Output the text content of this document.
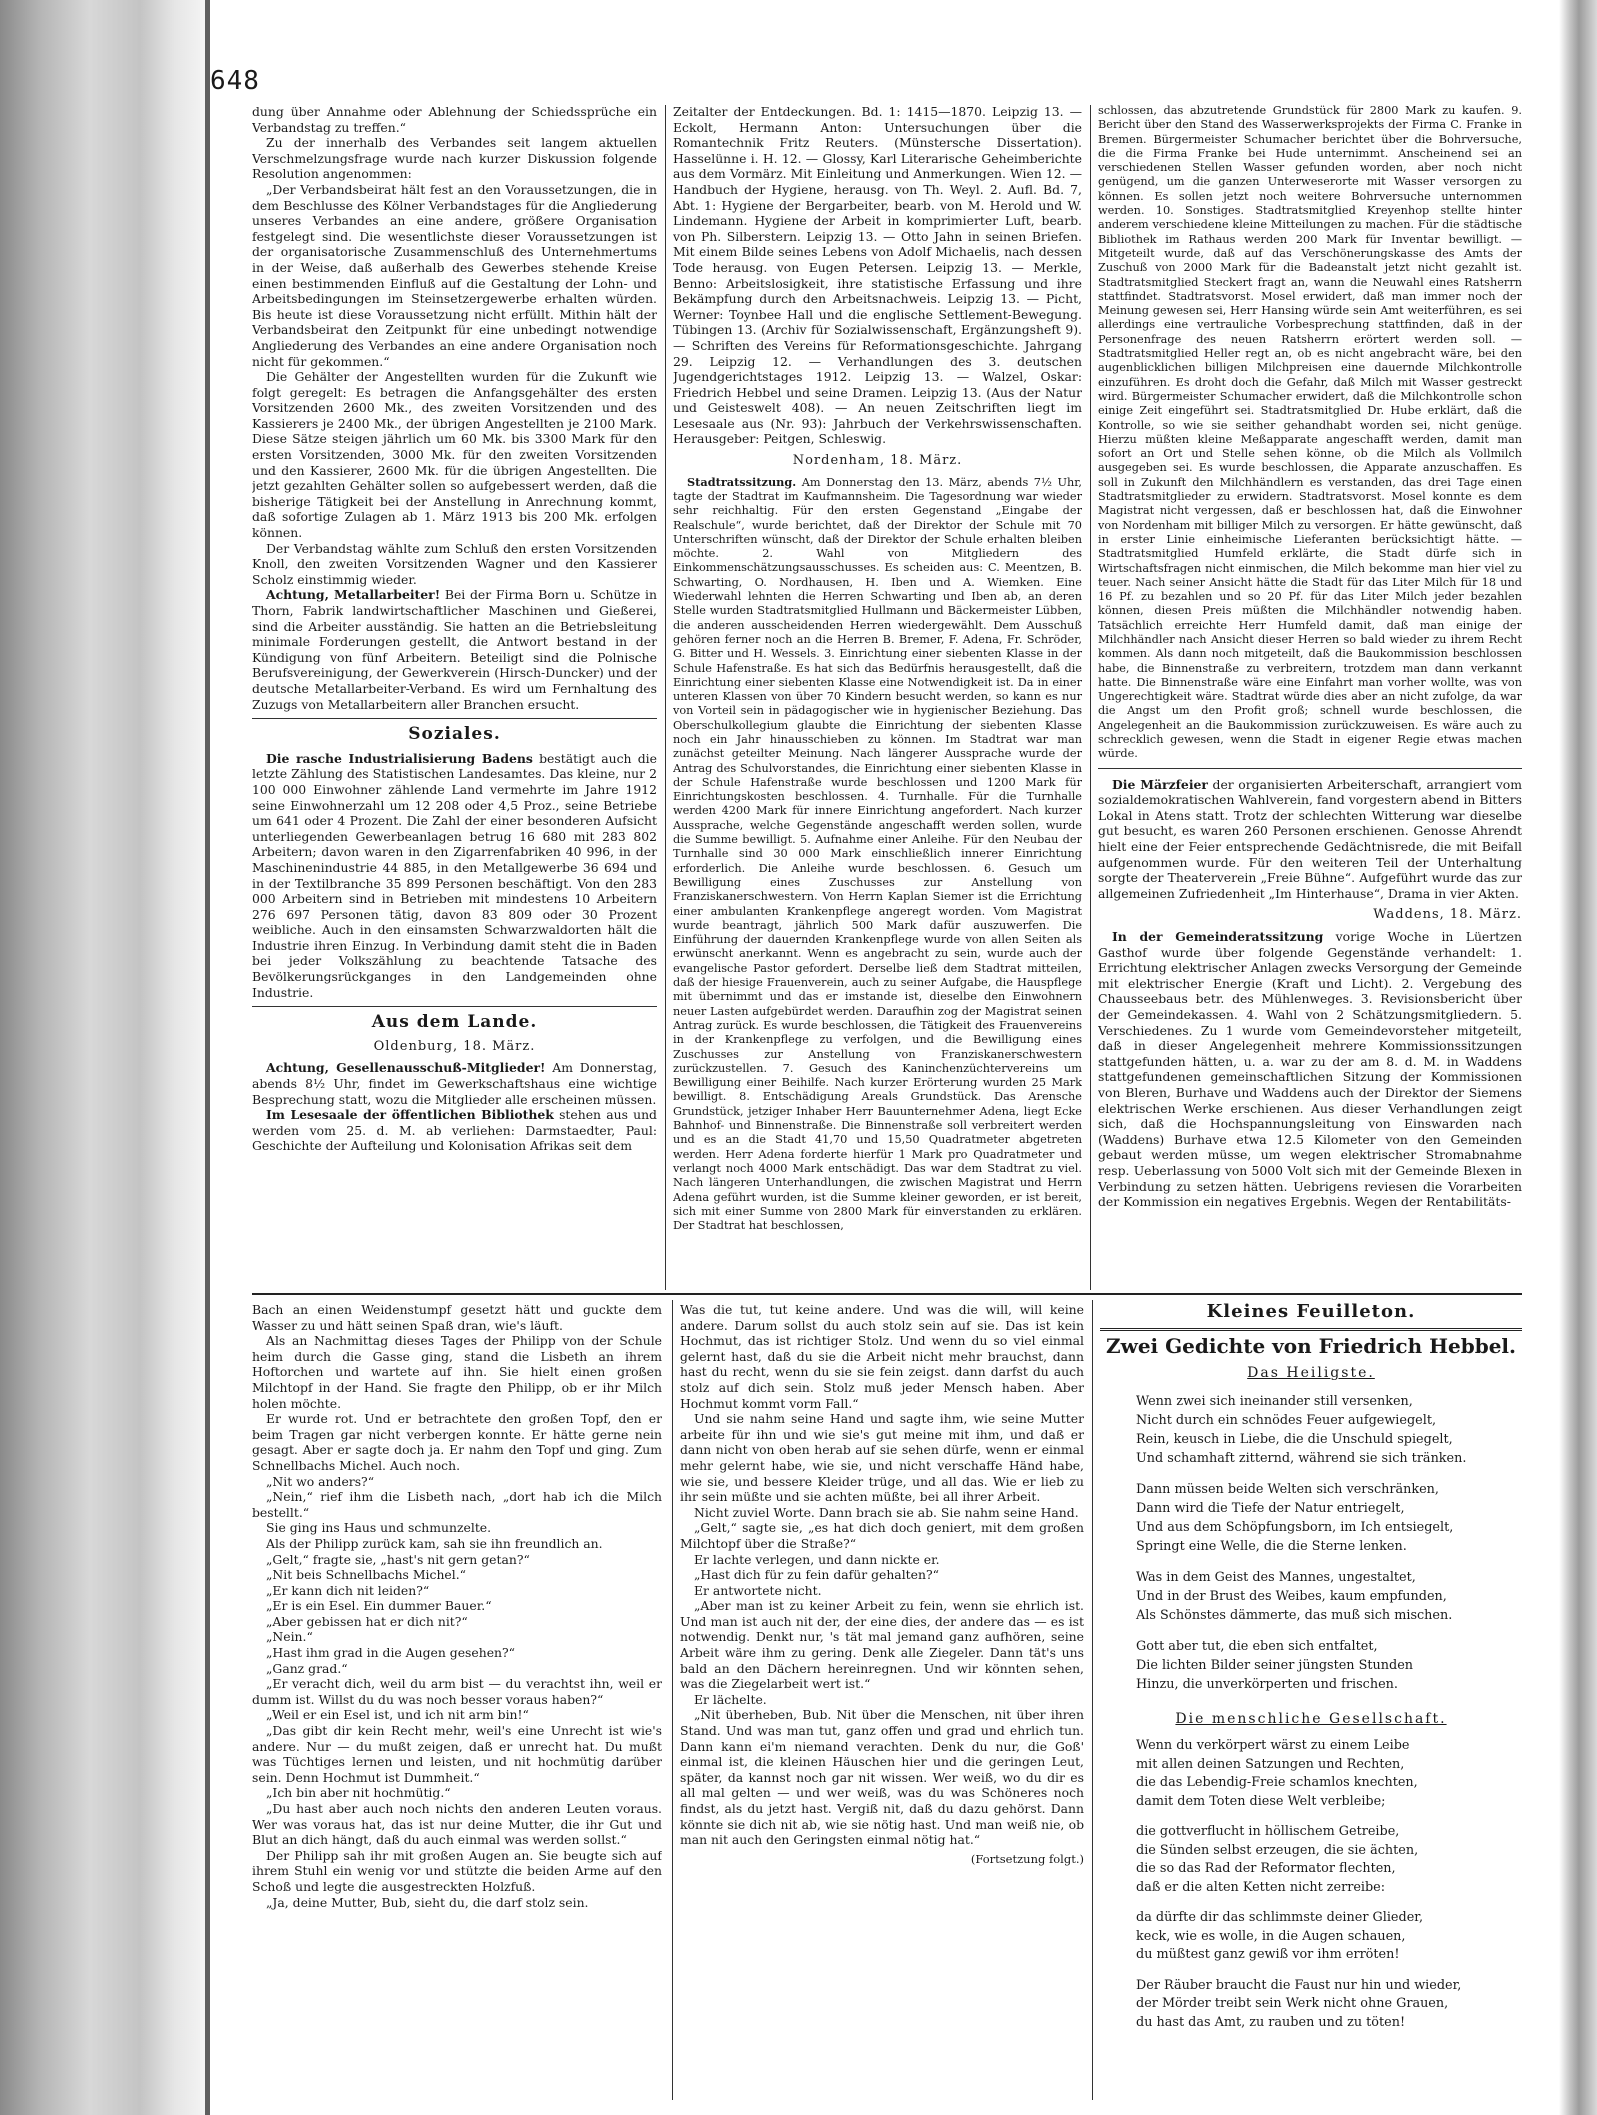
648

dung über Annahme oder Ablehnung der Schiedssprüche ein Verbandstag zu treffen.“

Zu der innerhalb des Verbandes seit langem aktuellen Verschmelzungsfrage wurde nach kurzer Diskussion folgende Resolution angenommen:

„Der Verbandsbeirat hält fest an den Voraussetzungen, die in dem Beschlusse des Kölner Verbandstages für die Angliederung unseres Verbandes an eine andere, größere Organisation festgelegt sind. Die wesentlichste dieser Voraussetzungen ist der organisatorische Zusammenschluß des Unternehmertums in der Weise, daß außerhalb des Gewerbes stehende Kreise einen bestimmenden Einfluß auf die Gestaltung der Lohn- und Arbeitsbedingungen im Steinsetzergewerbe erhalten würden. Bis heute ist diese Voraussetzung nicht erfüllt. Mithin hält der Verbandsbeirat den Zeitpunkt für eine unbedingt notwendige Angliederung des Verbandes an eine andere Organisation noch nicht für gekommen.“

Die Gehälter der Angestellten wurden für die Zukunft wie folgt geregelt: Es betragen die Anfangsgehälter des ersten Vorsitzenden 2600 Mk., des zweiten Vorsitzenden und des Kassierers je 2400 Mk., der übrigen Angestellten je 2100 Mark. Diese Sätze steigen jährlich um 60 Mk. bis 3300 Mark für den ersten Vorsitzenden, 3000 Mk. für den zweiten Vorsitzenden und den Kassierer, 2600 Mk. für die übrigen Angestellten. Die jetzt gezahlten Gehälter sollen so aufgebessert werden, daß die bisherige Tätigkeit bei der Anstellung in Anrechnung kommt, daß sofortige Zulagen ab 1. März 1913 bis 200 Mk. erfolgen können.

Der Verbandstag wählte zum Schluß den ersten Vorsitzenden Knoll, den zweiten Vorsitzenden Wagner und den Kassierer Scholz einstimmig wieder.

Achtung, Metallarbeiter! Bei der Firma Born u. Schütze in Thorn, Fabrik landwirtschaftlicher Maschinen und Gießerei, sind die Arbeiter ausständig. Sie hatten an die Betriebsleitung minimale Forderungen gestellt, die Antwort bestand in der Kündigung von fünf Arbeitern. Beteiligt sind die Polnische Berufsvereinigung, der Gewerkverein (Hirsch-Duncker) und der deutsche Metallarbeiter-Verband. Es wird um Fernhaltung des Zuzugs von Metallarbeitern aller Branchen ersucht.

Soziales.

Die rasche Industrialisierung Badens bestätigt auch die letzte Zählung des Statistischen Landesamtes. Das kleine, nur 2 100 000 Einwohner zählende Land vermehrte im Jahre 1912 seine Einwohnerzahl um 12 208 oder 4,5 Proz., seine Betriebe um 641 oder 4 Prozent. Die Zahl der einer besonderen Aufsicht unterliegenden Gewerbeanlagen betrug 16 680 mit 283 802 Arbeitern; davon waren in den Zigarrenfabriken 40 996, in der Maschinenindustrie 44 885, in den Metallgewerbe 36 694 und in der Textilbranche 35 899 Personen beschäftigt. Von den 283 000 Arbeitern sind in Betrieben mit mindestens 10 Arbeitern 276 697 Personen tätig, davon 83 809 oder 30 Prozent weibliche. Auch in den einsamsten Schwarzwaldorten hält die Industrie ihren Einzug. In Verbindung damit steht die in Baden bei jeder Volkszählung zu beachtende Tatsache des Bevölkerungsrückganges in den Landgemeinden ohne Industrie.

Aus dem Lande.
Oldenburg, 18. März.

Achtung, Gesellenausschuß-Mitglieder! Am Donnerstag, abends 8½ Uhr, findet im Gewerkschaftshaus eine wichtige Besprechung statt, wozu die Mitglieder alle erscheinen müssen.

Im Lesesaale der öffentlichen Bibliothek stehen aus und werden vom 25. d. M. ab verliehen: Darmstaedter, Paul: Geschichte der Aufteilung und Kolonisation Afrikas seit dem

Zeitalter der Entdeckungen. Bd. 1: 1415—1870. Leipzig 13. —Eckolt, Hermann Anton: Untersuchungen über die Romantechnik Fritz Reuters. (Münstersche Dissertation). Hasselünne i. H. 12. — Glossy, Karl Literarische Geheimberichte aus dem Vormärz. Mit Einleitung und Anmerkungen. Wien 12. — Handbuch der Hygiene, herausg. von Th. Weyl. 2. Aufl. Bd. 7, Abt. 1: Hygiene der Bergarbeiter, bearb. von M. Herold und W. Lindemann. Hygiene der Arbeit in komprimierter Luft, bearb. von Ph. Silberstern. Leipzig 13. — Otto Jahn in seinen Briefen. Mit einem Bilde seines Lebens von Adolf Michaelis, nach dessen Tode herausg. von Eugen Petersen. Leipzig 13. — Merkle, Benno: Arbeitslosigkeit, ihre statistische Erfassung und ihre Bekämpfung durch den Arbeitsnachweis. Leipzig 13. — Picht, Werner: Toynbee Hall und die englische Settlement-Bewegung. Tübingen 13. (Archiv für Sozialwissenschaft, Ergänzungsheft 9). — Schriften des Vereins für Reformationsgeschichte. Jahrgang 29. Leipzig 12. — Verhandlungen des 3. deutschen Jugendgerichtstages 1912. Leipzig 13. — Walzel, Oskar: Friedrich Hebbel und seine Dramen. Leipzig 13. (Aus der Natur und Geisteswelt 408). — An neuen Zeitschriften liegt im Lesesaale aus (Nr. 93): Jahrbuch der Verkehrswissenschaften. Herausgeber: Peitgen, Schleswig.

Nordenham, 18. März.

Stadtratssitzung. Am Donnerstag den 13. März, abends 7½ Uhr, tagte der Stadtrat im Kaufmannsheim. Die Tagesordnung war wieder sehr reichhaltig. Für den ersten Gegenstand „Eingabe der Realschule“, wurde berichtet, daß der Direktor der Schule mit 70 Unterschriften wünscht, daß der Direktor der Schule erhalten bleiben möchte. 2. Wahl von Mitgliedern des Einkommenschätzungsausschusses. Es scheiden aus: C. Meentzen, B. Schwarting, O. Nordhausen, H. Iben und A. Wiemken. Eine Wiederwahl lehnten die Herren Schwarting und Iben ab, an deren Stelle wurden Stadtratsmitglied Hullmann und Bäckermeister Lübben, die anderen ausscheidenden Herren wiedergewählt. Dem Ausschuß gehören ferner noch an die Herren B. Bremer, F. Adena, Fr. Schröder, G. Bitter und H. Wessels. 3. Einrichtung einer siebenten Klasse in der Schule Hafenstraße. Es hat sich das Bedürfnis herausgestellt, daß die Einrichtung einer siebenten Klasse eine Notwendigkeit ist. Da in einer unteren Klassen von über 70 Kindern besucht werden, so kann es nur von Vorteil sein in pädagogischer wie in hygienischer Beziehung. Das Oberschulkollegium glaubte die Einrichtung der siebenten Klasse noch ein Jahr hinausschieben zu können. Im Stadtrat war man zunächst geteilter Meinung. Nach längerer Aussprache wurde der Antrag des Schulvorstandes, die Einrichtung einer siebenten Klasse in der Schule Hafenstraße wurde beschlossen und 1200 Mark für Einrichtungskosten beschlossen. 4. Turnhalle. Für die Turnhalle werden 4200 Mark für innere Einrichtung angefordert. Nach kurzer Aussprache, welche Gegenstände angeschafft werden sollen, wurde die Summe bewilligt. 5. Aufnahme einer Anleihe. Für den Neubau der Turnhalle sind 30 000 Mark einschließlich innerer Einrichtung erforderlich. Die Anleihe wurde beschlossen. 6. Gesuch um Bewilligung eines Zuschusses zur Anstellung von Franziskanerschwestern. Von Herrn Kaplan Siemer ist die Errichtung einer ambulanten Krankenpflege angeregt worden. Vom Magistrat wurde beantragt, jährlich 500 Mark dafür auszuwerfen. Die Einführung der dauernden Krankenpflege wurde von allen Seiten als erwünscht anerkannt. Wenn es angebracht zu sein, wurde auch der evangelische Pastor gefordert. Derselbe ließ dem Stadtrat mitteilen, daß der hiesige Frauenverein, auch zu seiner Aufgabe, die Hauspflege mit übernimmt und das er imstande ist, dieselbe den Einwohnern neuer Lasten aufgebürdet werden. Daraufhin zog der Magistrat seinen Antrag zurück. Es wurde beschlossen, die Tätigkeit des Frauenvereins in der Krankenpflege zu verfolgen, und die Bewilligung eines Zuschusses zur Anstellung von Franziskanerschwestern zurückzustellen. 7. Gesuch des Kaninchenzüchtervereins um Bewilligung einer Beihilfe. Nach kurzer Erörterung wurden 25 Mark bewilligt. 8. Entschädigung Areals Grundstück. Das Arensche Grundstück, jetziger Inhaber Herr Bauunternehmer Adena, liegt Ecke Bahnhof- und Binnenstraße. Die Binnenstraße soll verbreitert werden und es an die Stadt 41,70 und 15,50 Quadratmeter abgetreten werden. Herr Adena forderte hierfür 1 Mark pro Quadratmeter und verlangt noch 4000 Mark entschädigt. Das war dem Stadtrat zu viel. Nach längeren Unterhandlungen, die zwischen Magistrat und Herrn Adena geführt wurden, ist die Summe kleiner geworden, er ist bereit, sich mit einer Summe von 2800 Mark für einverstanden zu erklären. Der Stadtrat hat beschlossen,

schlossen, das abzutretende Grundstück für 2800 Mark zu kaufen. 9. Bericht über den Stand des Wasserwerksprojekts der Firma C. Franke in Bremen. Bürgermeister Schumacher berichtet über die Bohrversuche, die die Firma Franke bei Hude unternimmt. Anscheinend sei an verschiedenen Stellen Wasser gefunden worden, aber noch nicht genügend, um die ganzen Unterweserorte mit Wasser versorgen zu können. Es sollen jetzt noch weitere Bohrversuche unternommen werden. 10. Sonstiges. Stadtratsmitglied Kreyenhop stellte hinter anderem verschiedene kleine Mitteilungen zu machen. Für die städtische Bibliothek im Rathaus werden 200 Mark für Inventar bewilligt. — Mitgeteilt wurde, daß auf das Verschönerungskasse des Amts der Zuschuß von 2000 Mark für die Badeanstalt jetzt nicht gezahlt ist. Stadtratsmitglied Steckert fragt an, wann die Neuwahl eines Ratsherrn stattfindet. Stadtratsvorst. Mosel erwidert, daß man immer noch der Meinung gewesen sei, Herr Hansing würde sein Amt weiterführen, es sei allerdings eine vertrauliche Vorbesprechung stattfinden, daß in der Personenfrage des neuen Ratsherrn erörtert werden soll. — Stadtratsmitglied Heller regt an, ob es nicht angebracht wäre, bei den augenblicklichen billigen Milchpreisen eine dauernde Milchkontrolle einzuführen. Es droht doch die Gefahr, daß Milch mit Wasser gestreckt wird. Bürgermeister Schumacher erwidert, daß die Milchkontrolle schon einige Zeit eingeführt sei. Stadtratsmitglied Dr. Hube erklärt, daß die Kontrolle, so wie sie seither gehandhabt worden sei, nicht genüge. Hierzu müßten kleine Meßapparate angeschafft werden, damit man sofort an Ort und Stelle sehen könne, ob die Milch als Vollmilch ausgegeben sei. Es wurde beschlossen, die Apparate anzuschaffen. Es soll in Zukunft den Milchhändlern es verstanden, das drei Tage einen Stadtratsmitglieder zu erwidern. Stadtratsvorst. Mosel konnte es dem Magistrat nicht vergessen, daß er beschlossen hat, daß die Einwohner von Nordenham mit billiger Milch zu versorgen. Er hätte gewünscht, daß in erster Linie einheimische Lieferanten berücksichtigt hätte. — Stadtratsmitglied Humfeld erklärte, die Stadt dürfe sich in Wirtschaftsfragen nicht einmischen, die Milch bekomme man hier viel zu teuer. Nach seiner Ansicht hätte die Stadt für das Liter Milch für 18 und 16 Pf. zu bezahlen und so 20 Pf. für das Liter Milch jeder bezahlen können, diesen Preis müßten die Milchhändler notwendig haben. Tatsächlich erreichte Herr Humfeld damit, daß man einige der Milchhändler nach Ansicht dieser Herren so bald wieder zu ihrem Recht kommen. Als dann noch mitgeteilt, daß die Baukommission beschlossen habe, die Binnenstraße zu verbreitern, trotzdem man dann verkannt hatte. Die Binnenstraße wäre eine Einfahrt man vorher wollte, was von Ungerechtigkeit wäre. Stadtrat würde dies aber an nicht zufolge, da war die Angst um den Profit groß; schnell wurde beschlossen, die Angelegenheit an die Baukommission zurückzuweisen. Es wäre auch zu schrecklich gewesen, wenn die Stadt in eigener Regie etwas machen würde.

Die Märzfeier der organisierten Arbeiterschaft, arrangiert vom sozialdemokratischen Wahlverein, fand vorgestern abend in Bitters Lokal in Atens statt. Trotz der schlechten Witterung war dieselbe gut besucht, es waren 260 Personen erschienen. Genosse Ahrendt hielt eine der Feier entsprechende Gedächtnisrede, die mit Beifall aufgenommen wurde. Für den weiteren Teil der Unterhaltung sorgte der Theaterverein „Freie Bühne“. Aufgeführt wurde das zur allgemeinen Zufriedenheit „Im Hinterhause“, Drama in vier Akten.

Waddens, 18. März.

In der Gemeinderatssitzung vorige Woche in Lüertzen Gasthof wurde über folgende Gegenstände verhandelt: 1. Errichtung elektrischer Anlagen zwecks Versorgung der Gemeinde mit elektrischer Energie (Kraft und Licht). 2. Vergebung des Chausseebaus betr. des Mühlenweges. 3. Revisionsbericht über der Gemeindekassen. 4. Wahl von 2 Schätzungsmitgliedern. 5. Verschiedenes. Zu 1 wurde vom Gemeindevorsteher mitgeteilt, daß in dieser Angelegenheit mehrere Kommissionssitzungen stattgefunden hätten, u. a. war zu der am 8. d. M. in Waddens stattgefundenen gemeinschaftlichen Sitzung der Kommissionen von Bleren, Burhave und Waddens auch der Direktor der Siemens elektrischen Werke erschienen. Aus dieser Verhandlungen zeigt sich, daß die Hochspannungsleitung von Einswarden nach (Waddens) Burhave etwa 12.5 Kilometer von den Gemeinden gebaut werden müsse, um wegen elektrischer Stromabnahme resp. Ueberlassung von 5000 Volt sich mit der Gemeinde Blexen in Verbindung zu setzen hätten. Uebrigens reviesen die Vorarbeiten der Kommission ein negatives Ergebnis. Wegen der Rentabilitäts-

Bach an einen Weidenstumpf gesetzt hätt und guckte dem Wasser zu und hätt seinen Spaß dran, wie's läuft.

Als an Nachmittag dieses Tages der Philipp von der Schule heim durch die Gasse ging, stand die Lisbeth an ihrem Hoftorchen und wartete auf ihn. Sie hielt einen großen Milchtopf in der Hand. Sie fragte den Philipp, ob er ihr Milch holen möchte.

Er wurde rot. Und er betrachtete den großen Topf, den er beim Tragen gar nicht verbergen konnte. Er hätte gerne nein gesagt. Aber er sagte doch ja. Er nahm den Topf und ging. Zum Schnellbachs Michel. Auch noch.

„Nit wo anders?“

„Nein,“ rief ihm die Lisbeth nach, „dort hab ich die Milch bestellt.“

Sie ging ins Haus und schmunzelte.

Als der Philipp zurück kam, sah sie ihn freundlich an.

„Gelt,“ fragte sie, „hast's nit gern getan?“

„Nit beis Schnellbachs Michel.“

„Er kann dich nit leiden?“

„Er is ein Esel. Ein dummer Bauer.“

„Aber gebissen hat er dich nit?“

„Nein.“

„Hast ihm grad in die Augen gesehen?“

„Ganz grad.“

„Er veracht dich, weil du arm bist — du verachtst ihn, weil er dumm ist. Willst du du was noch besser voraus haben?“

„Weil er ein Esel ist, und ich nit arm bin!“

„Das gibt dir kein Recht mehr, weil's eine Unrecht ist wie's andere. Nur — du mußt zeigen, daß er unrecht hat. Du mußt was Tüchtiges lernen und leisten, und nit hochmütig darüber sein. Denn Hochmut ist Dummheit.“

„Ich bin aber nit hochmütig.“

„Du hast aber auch noch nichts den anderen Leuten voraus. Wer was voraus hat, das ist nur deine Mutter, die ihr Gut und Blut an dich hängt, daß du auch einmal was werden sollst.“

Der Philipp sah ihr mit großen Augen an. Sie beugte sich auf ihrem Stuhl ein wenig vor und stützte die beiden Arme auf den Schoß und legte die ausgestreckten Holzfuß.

„Ja, deine Mutter, Bub, sieht du, die darf stolz sein.

Was die tut, tut keine andere. Und was die will, will keine andere. Darum sollst du auch stolz sein auf sie. Das ist kein Hochmut, das ist richtiger Stolz. Und wenn du so viel einmal gelernt hast, daß du sie die Arbeit nicht mehr brauchst, dann hast du recht, wenn du sie sie fein zeigst. dann darfst du auch stolz auf dich sein. Stolz muß jeder Mensch haben. Aber Hochmut kommt vorm Fall.“

Und sie nahm seine Hand und sagte ihm, wie seine Mutter arbeite für ihn und wie sie's gut meine mit ihm, und daß er dann nicht von oben herab auf sie sehen dürfe, wenn er einmal mehr gelernt habe, wie sie, und nicht verschaffe Händ habe, wie sie, und bessere Kleider trüge, und all das. Wie er lieb zu ihr sein müßte und sie achten müßte, bei all ihrer Arbeit.

Nicht zuviel Worte. Dann brach sie ab. Sie nahm seine Hand.

„Gelt,“ sagte sie, „es hat dich doch geniert, mit dem großen Milchtopf über die Straße?“

Er lachte verlegen, und dann nickte er.

„Hast dich für zu fein dafür gehalten?“

Er antwortete nicht.

„Aber man ist zu keiner Arbeit zu fein, wenn sie ehrlich ist. Und man ist auch nit der, der eine dies, der andere das — es ist notwendig. Denkt nur, 's tät mal jemand ganz aufhören, seine Arbeit wäre ihm zu gering. Denk alle Ziegeler. Dann tät's uns bald an den Dächern hereinregnen. Und wir könnten sehen, was die Ziegelarbeit wert ist.“

Er lächelte.

„Nit überheben, Bub. Nit über die Menschen, nit über ihren Stand. Und was man tut, ganz offen und grad und ehrlich tun. Dann kann ei'm niemand verachten. Denk du nur, die Goß' einmal ist, die kleinen Häuschen hier und die geringen Leut, später, da kannst noch gar nit wissen. Wer weiß, wo du dir es all mal gelten — und wer weiß, was du was Schöneres noch findst, als du jetzt hast. Vergiß nit, daß du dazu gehörst. Dann könnte sie dich nit ab, wie sie nötig hast. Und man weiß nie, ob man nit auch den Geringsten einmal nötig hat.“

(Fortsetzung folgt.)
Kleines Feuilleton.
Zwei Gedichte von Friedrich Hebbel.
Das Heiligste.
Wenn zwei sich ineinander still versenken,
Nicht durch ein schnödes Feuer aufgewiegelt,
Rein, keusch in Liebe, die die Unschuld spiegelt,
Und schamhaft zitternd, während sie sich tränken.
Dann müssen beide Welten sich verschränken,
Dann wird die Tiefe der Natur entriegelt,
Und aus dem Schöpfungsborn, im Ich entsiegelt,
Springt eine Welle, die die Sterne lenken.
Was in dem Geist des Mannes, ungestaltet,
Und in der Brust des Weibes, kaum empfunden,
Als Schönstes dämmerte, das muß sich mischen.
Gott aber tut, die eben sich entfaltet,
Die lichten Bilder seiner jüngsten Stunden
Hinzu, die unverkörperten und frischen.
Die menschliche Gesellschaft.
Wenn du verkörpert wärst zu einem Leibe
mit allen deinen Satzungen und Rechten,
die das Lebendig-Freie schamlos knechten,
damit dem Toten diese Welt verbleibe;
die gottverflucht in höllischem Getreibe,
die Sünden selbst erzeugen, die sie ächten,
die so das Rad der Reformator flechten,
daß er die alten Ketten nicht zerreibe:
da dürfte dir das schlimmste deiner Glieder,
keck, wie es wolle, in die Augen schauen,
du müßtest ganz gewiß vor ihm erröten!
Der Räuber braucht die Faust nur hin und wieder,
der Mörder treibt sein Werk nicht ohne Grauen,
du hast das Amt, zu rauben und zu töten!
